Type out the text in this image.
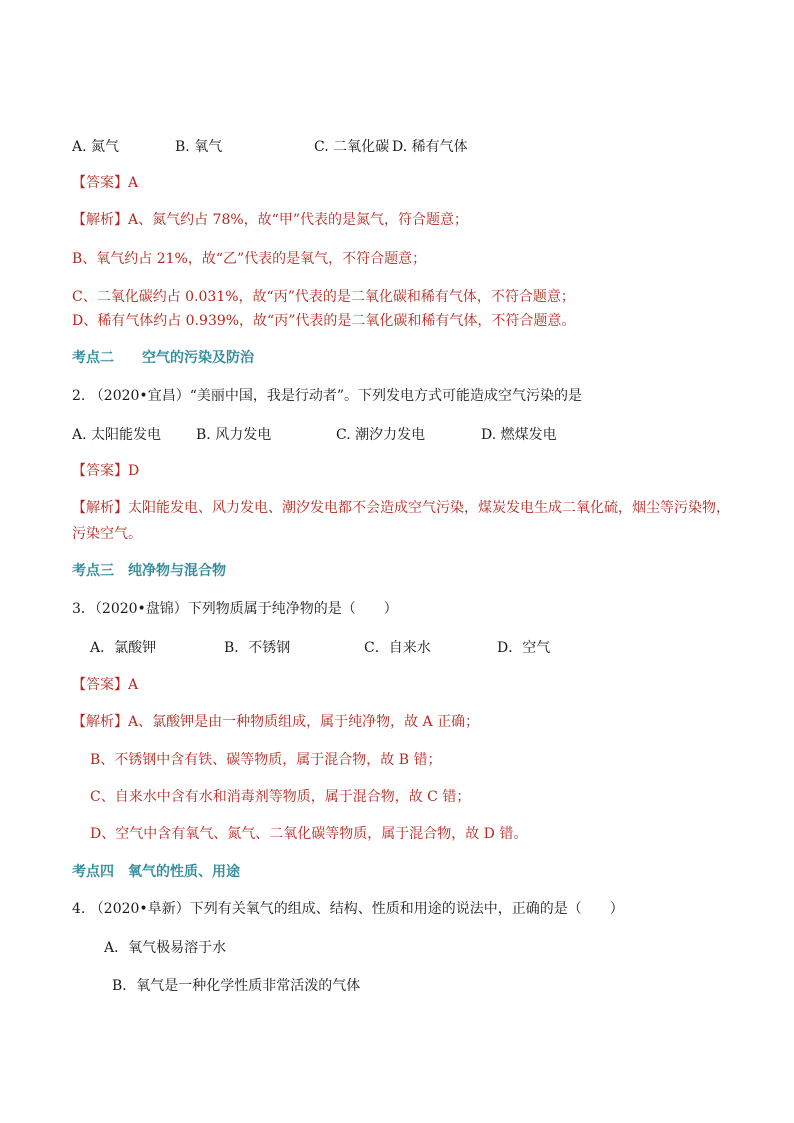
A. 氮气	B. 氧气	C. 二氧化碳 D. 稀有气体
【答案】A
【解析】A、氮气约占 78%，故“甲”代表的是氮气，符合题意；
B、氧气约占 21%，故“乙”代表的是氧气，不符合题意；
C、二氧化碳约占 0.031%，故“丙”代表的是二氧化碳和稀有气体，不符合题意；
D、稀有气体约占 0.939%，故“丙”代表的是二氧化碳和稀有气体，不符合题意。
考点二　　空气的污染及防治
2. （2020•宜昌）“美丽中国，我是行动者”。下列发电方式可能造成空气污染的是
A. 太阳能发电 B. 风力发电	C. 潮汐力发电	D. 燃煤发电
【答案】D
【解析】太阳能发电、风力发电、潮汐发电都不会造成空气污染，煤炭发电生成二氧化硫，烟尘等污染物，污染空气。
考点三　纯净物与混合物
3．（2020•盘锦）下列物质属于纯净物的是（　　）
A．氯酸钾	B．不锈钢	C．自来水	D．空气
【答案】A
【解析】A、氯酸钾是由一种物质组成，属于纯净物，故 A 正确；
B、不锈钢中含有铁、碳等物质，属于混合物，故 B 错；
C、自来水中含有水和消毒剂等物质，属于混合物，故 C 错；
D、空气中含有氧气、氮气、二氧化碳等物质，属于混合物，故 D 错。
考点四　氧气的性质、用途
4. （2020•阜新）下列有关氧气的组成、结构、性质和用途的说法中，正确的是（　　）
A．氧气极易溶于水
B．氧气是一种化学性质非常活泼的气体
